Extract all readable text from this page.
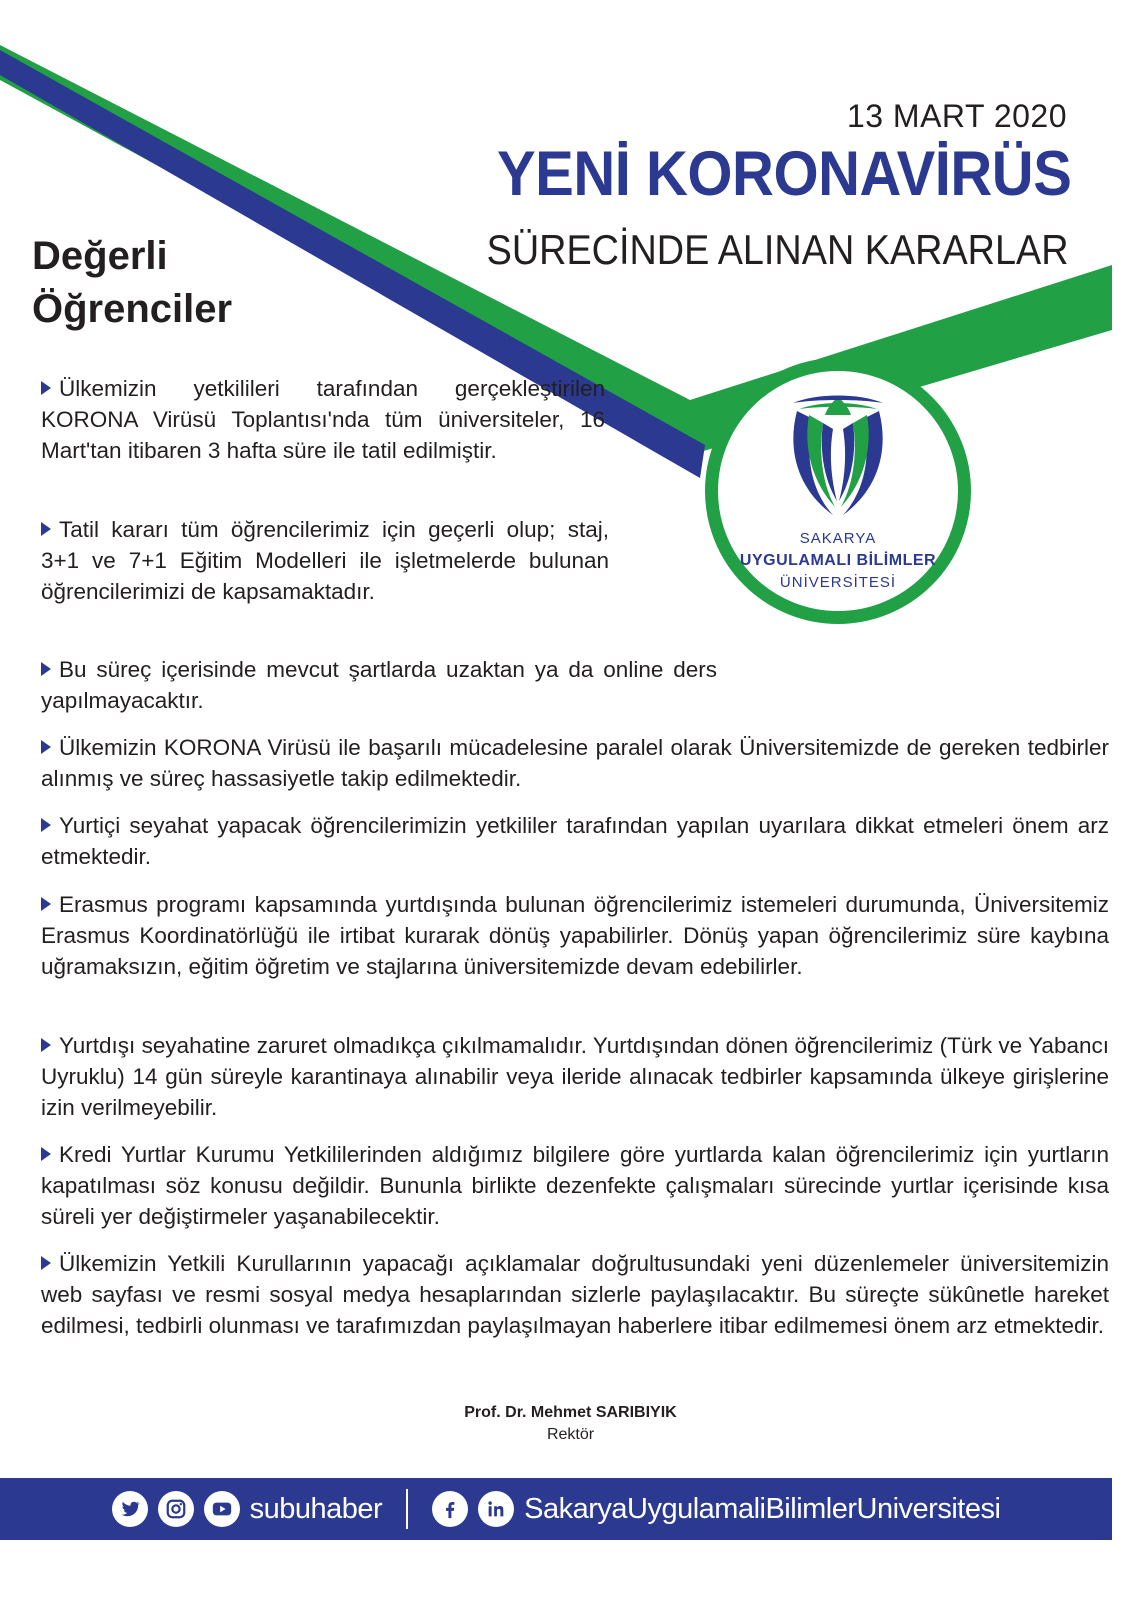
13 MART 2020
YENİ KORONAVİRÜS
SÜRECİNDE ALINAN KARARLAR
Değerli
Öğrenciler
SAKARYA
UYGULAMALI BİLİMLER
ÜNİVERSİTESİ
Ülkemizin yetkilileri tarafından gerçekleştirilen KORONA Virüsü Toplantısı'nda tüm üniversiteler, 16 Mart'tan itibaren 3 hafta süre ile tatil edilmiştir.
Tatil kararı tüm öğrencilerimiz için geçerli olup; staj, 3+1 ve 7+1 Eğitim Modelleri ile işletmelerde bulunan öğrencilerimizi de kapsamaktadır.
Bu süreç içerisinde mevcut şartlarda uzaktan ya da online ders yapılmayacaktır.
Ülkemizin KORONA Virüsü ile başarılı mücadelesine paralel olarak Üniversitemizde de gereken tedbirler alınmış ve süreç hassasiyetle takip edilmektedir.
Yurtiçi seyahat yapacak öğrencilerimizin yetkililer tarafından yapılan uyarılara dikkat etmeleri önem arz etmektedir.
Erasmus programı kapsamında yurtdışında bulunan öğrencilerimiz istemeleri durumunda, Üniversitemiz Erasmus Koordinatörlüğü ile irtibat kurarak dönüş yapabilirler. Dönüş yapan öğrencilerimiz süre kaybına uğramaksızın, eğitim öğretim ve stajlarına üniversitemizde devam edebilirler.
Yurtdışı seyahatine zaruret olmadıkça çıkılmamalıdır. Yurtdışından dönen öğrencilerimiz (Türk ve Yabancı Uyruklu) 14 gün süreyle karantinaya alınabilir veya ileride alınacak tedbirler kapsamında ülkeye girişlerine izin verilmeyebilir.
Kredi Yurtlar Kurumu Yetkililerinden aldığımız bilgilere göre yurtlarda kalan öğrencilerimiz için yurtların kapatılması söz konusu değildir. Bununla birlikte dezenfekte çalışmaları sürecinde yurtlar içerisinde kısa süreli yer değiştirmeler yaşanabilecektir.
Ülkemizin Yetkili Kurullarının yapacağı açıklamalar doğrultusundaki yeni düzenlemeler üniversitemizin web sayfası ve resmi sosyal medya hesaplarından sizlerle paylaşılacaktır. Bu süreçte sükûnetle hareket edilmesi, tedbirli olunması ve tarafımızdan paylaşılmayan haberlere itibar edilmemesi önem arz etmektedir.
Prof. Dr. Mehmet SARIBIYIK
Rektör
subuhaber	SakaryaUygulamaliBilimlerUniversitesi
